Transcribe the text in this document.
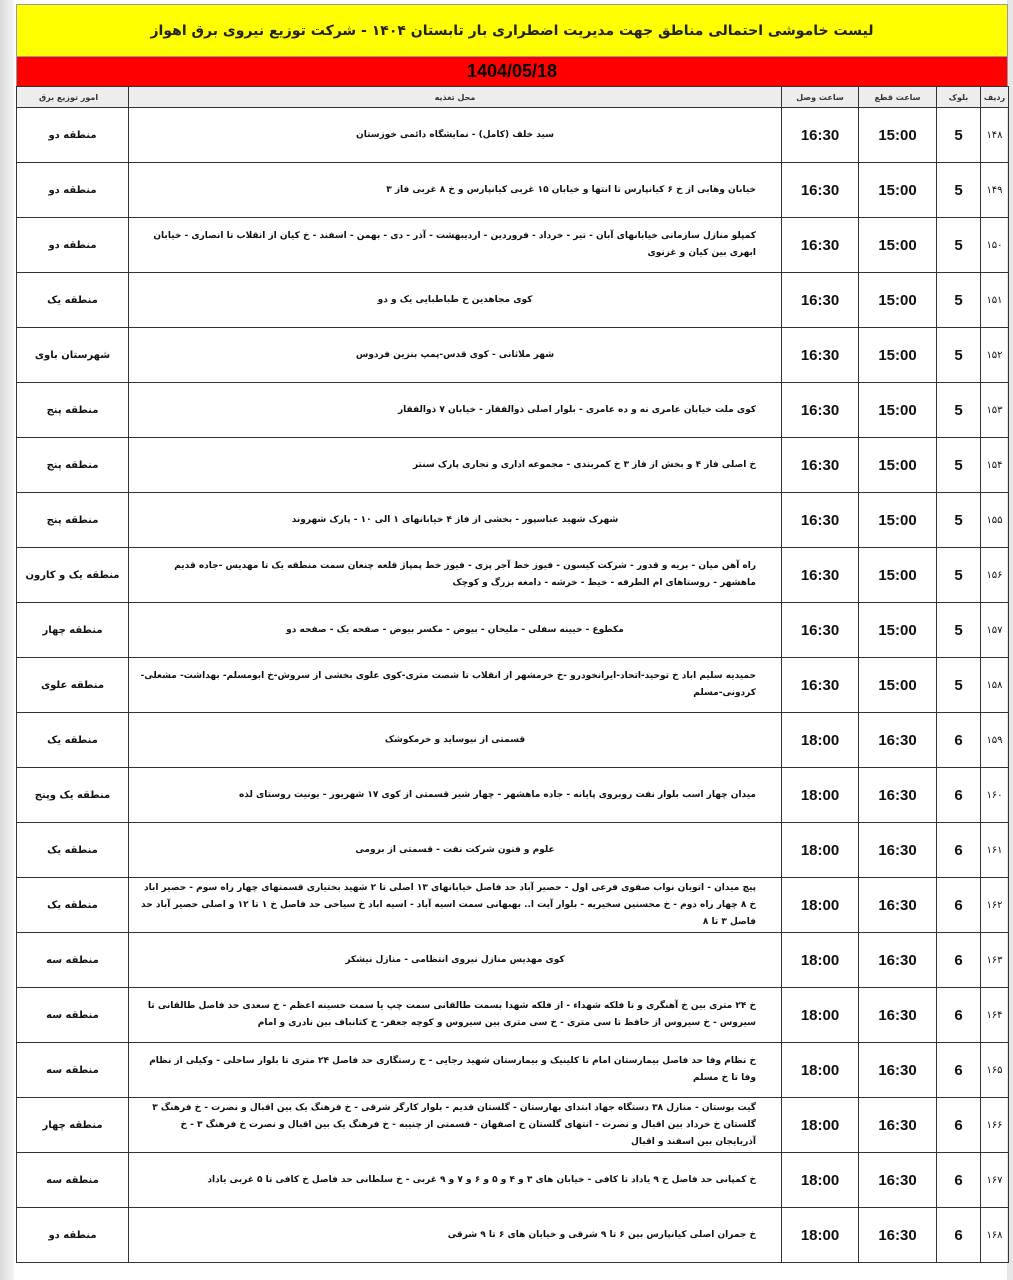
لیست خاموشی احتمالی مناطق جهت مدیریت اضطراری بار تابستان ۱۴۰۴ - شرکت توزیع نیروی برق اهواز
1404/05/18
ردیف	بلوک	ساعت قطع	ساعت وصل	محل تغذیه	امور توزیع برق
۱۴۸	5	15:00	16:30	سید خلف (کامل) - نمایشگاه دائمی خوزستان	منطقه دو
۱۴۹	5	15:00	16:30	خیابان وهابی از خ ۶ کیانپارس تا انتها و خیابان ۱۵ غربی کیانپارس و خ ۸ غربی فاز ۳	منطقه دو
۱۵۰	5	15:00	16:30	کمپلو منازل سازمانی خیابانهای آبان - تیر - خرداد - فروردین - اردیبهشت - آذر - دی - بهمن - اسفند - خ کیان از انقلاب تا انصاری - خیابان ابهری بین کیان و غزنوی	منطقه دو
۱۵۱	5	15:00	16:30	کوی مجاهدین خ طباطبایی یک و دو	منطقه یک
۱۵۲	5	15:00	16:30	شهر ملاثانی - کوی قدس-پمپ بنزین فردوس	شهرستان باوی
۱۵۳	5	15:00	16:30	کوی ملت خیابان عامری نه و ده عامری - بلوار اصلی ذوالفقار - خیابان ۷ ذوالفقار	منطقه پنج
۱۵۴	5	15:00	16:30	خ اصلی فاز ۴ و بخش از فاز ۳ خ کمربندی - مجموعه اداری و تجاری پارک سنتر	منطقه پنج
۱۵۵	5	15:00	16:30	شهرک شهید عباسپور - بخشی از فاز ۴ خیابانهای ۱ الی ۱۰ - پارک شهروند	منطقه پنج
۱۵۶	5	15:00	16:30	راه آهن میان - بریه و قدور - شرکت کیسون - فیوز خط آجر پزی - فیوز خط پمپاژ قلعه چنعان سمت منطقه یک تا مهدیس -جاده قدیم ماهشهر - روستاهای ام الطرفه - خیط - خرشه - دامغه بزرگ و کوچک	منطقه یک و کارون
۱۵۷	5	15:00	16:30	مکطوع - خیینه سفلی - ملیحان - بیوض - مکسر بیوض - صفحه یک - صفحه دو	منطقه چهار
۱۵۸	5	15:00	16:30	حمیدیه سلیم اباد خ توحید-اتحاد-ایرانخودرو -خ خرمشهر از انقلاب تا شصت متری-کوی علوی بخشی از سروش-خ ابومسلم- بهداشت- مشعلی- کردونی-مسلم	منطقه علوی
۱۵۹	6	16:30	18:00	قسمتی از نیوساید و خرمکوشک	منطقه یک
۱۶۰	6	16:30	18:00	میدان چهار اسب بلوار نفت روبروی پایانه - جاده ماهشهر - چهار شیر قسمتی از کوی ۱۷ شهریور - یونیت روستای لذه	منطقه یک وپنج
۱۶۱	6	16:30	18:00	علوم و فنون شرکت نفت - قسمتی از برومی	منطقه یک
۱۶۲	6	16:30	18:00	پیچ میدان - اتوبان نواب صفوی فرعی اول - حصیر آباد حد فاصل خیابانهای ۱۳ اصلی تا ۲ شهید بختیاری قسمتهای چهار راه سوم - حصیر اباد خ ۸ چهار راه دوم - خ محسنین سخیریه - بلوار آیت ا.. بهبهانی سمت اسیه آباد - اسیه اباد خ سیاحی حد فاصل خ ۱ تا ۱۲ و اصلی حصیر آباد حد فاصل ۳ تا ۸	منطقه یک
۱۶۳	6	16:30	18:00	کوی مهدیس منازل نیروی انتظامی - منازل نیشکر	منطقه سه
۱۶۴	6	16:30	18:00	خ ۲۴ متری بین خ آهنگری و تا فلکه شهداء - از فلکه شهدا بسمت طالقانی سمت چپ یا سمت حسینه اعظم - خ سعدی حد فاصل طالقانی تا سیروس - خ سیروس از حافظ تا سی متری - خ سی متری بین سیروس و کوچه جعفر- خ کتانباف بین نادری و امام	منطقه سه
۱۶۵	6	16:30	18:00	خ نظام وفا حد فاصل بیمارستان امام تا کلینیک و بیمارستان شهید رجایی - خ رستگاری حد فاصل ۲۴ متری تا بلوار ساحلی - وکیلی از نظام وفا تا خ مسلم	منطقه سه
۱۶۶	6	16:30	18:00	گیت بوستان - منازل ۳۸ دستگاه جهاد ابتدای بهارستان - گلستان قدیم - بلوار کارگر شرقی - خ فرهنگ یک بین اقبال و نصرت - خ فرهنگ ۳ گلستان خ خرداد بین اقبال و نصرت - انتهای گلستان خ اصفهان - قسمتی از چنیبه - خ فرهنگ یک بین اقبال و نصرت خ فرهنگ ۳ - خ آذربایجان بین اسفند و اقبال	منطقه چهار
۱۶۷	6	16:30	18:00	خ کمپانی حد فاصل خ ۹ یاداد تا کافی - خیابان های ۳ و ۴ و ۵ و ۶ و ۷ و ۹ غربی - خ سلطانی حد فاصل خ کافی تا ۵ غربی یاداد	منطقه سه
۱۶۸	6	16:30	18:00	خ جمران اصلی کیانپارس بین ۶ تا ۹ شرقی و خیابان های ۶ تا ۹ شرقی	منطقه دو
